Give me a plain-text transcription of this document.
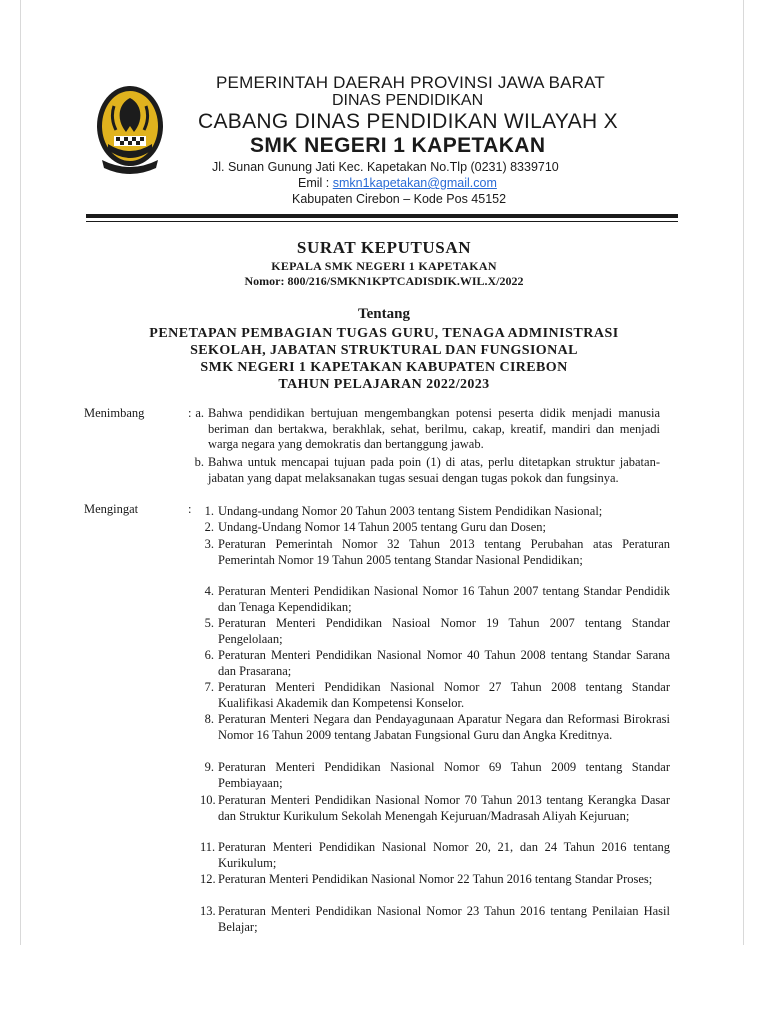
PEMERINTAH DAERAH PROVINSI JAWA BARAT
DINAS PENDIDIKAN
CABANG DINAS PENDIDIKAN WILAYAH X
SMK NEGERI 1 KAPETAKAN
Jl. Sunan Gunung Jati Kec. Kapetakan No.Tlp (0231) 8339710
Emil : smkn1kapetakan@gmail.com
Kabupaten Cirebon – Kode Pos 45152
SURAT KEPUTUSAN
KEPALA SMK NEGERI 1 KAPETAKAN
Nomor: 800/216/SMKN1KPTCADISDIK.WIL.X/2022
Tentang
PENETAPAN PEMBAGIAN TUGAS GURU, TENAGA ADMINISTRASI
SEKOLAH, JABATAN STRUKTURAL DAN FUNGSIONAL
SMK NEGERI 1 KAPETAKAN KABUPATEN CIREBON
TAHUN PELAJARAN 2022/2023
Menimbang	: a. Bahwa pendidikan bertujuan mengembangkan potensi peserta didik menjadi manusia beriman dan bertakwa, berakhlak, sehat, berilmu, cakap, kreatif, mandiri dan menjadi warga negara yang demokratis dan bertanggung jawab.
b. Bahwa untuk mencapai tujuan pada poin (1) di atas, perlu ditetapkan struktur jabatan-jabatan yang dapat melaksanakan tugas sesuai dengan tugas pokok dan fungsinya.
Mengingat	:	1. Undang-undang Nomor 20 Tahun 2003 tentang Sistem Pendidikan Nasional;
2. Undang-Undang Nomor 14 Tahun 2005 tentang Guru dan Dosen;
3. Peraturan Pemerintah Nomor 32 Tahun 2013 tentang Perubahan atas Peraturan Pemerintah Nomor 19 Tahun 2005 tentang Standar Nasional Pendidikan;
4. Peraturan Menteri Pendidikan Nasional Nomor 16 Tahun 2007 tentang Standar Pendidik dan Tenaga Kependidikan;
5. Peraturan Menteri Pendidikan Nasioal Nomor 19 Tahun 2007 tentang Standar Pengelolaan;
6. Peraturan Menteri Pendidikan Nasional Nomor 40 Tahun 2008 tentang Standar Sarana dan Prasarana;
7. Peraturan Menteri Pendidikan Nasional Nomor 27 Tahun 2008 tentang Standar Kualifikasi Akademik dan Kompetensi Konselor.
8. Peraturan Menteri Negara dan Pendayagunaan Aparatur Negara dan Reformasi Birokrasi Nomor 16 Tahun 2009 tentang Jabatan Fungsional Guru dan Angka Kreditnya.
9. Peraturan Menteri Pendidikan Nasional Nomor 69 Tahun 2009 tentang Standar Pembiayaan;
10. Peraturan Menteri Pendidikan Nasional Nomor 70 Tahun 2013 tentang Kerangka Dasar dan Struktur Kurikulum Sekolah Menengah Kejuruan/Madrasah Aliyah Kejuruan;
11. Peraturan Menteri Pendidikan Nasional Nomor 20, 21, dan 24 Tahun 2016 tentang Kurikulum;
12. Peraturan Menteri Pendidikan Nasional Nomor 22 Tahun 2016 tentang Standar Proses;
13. Peraturan Menteri Pendidikan Nasional Nomor 23 Tahun 2016 tentang Penilaian Hasil Belajar;
